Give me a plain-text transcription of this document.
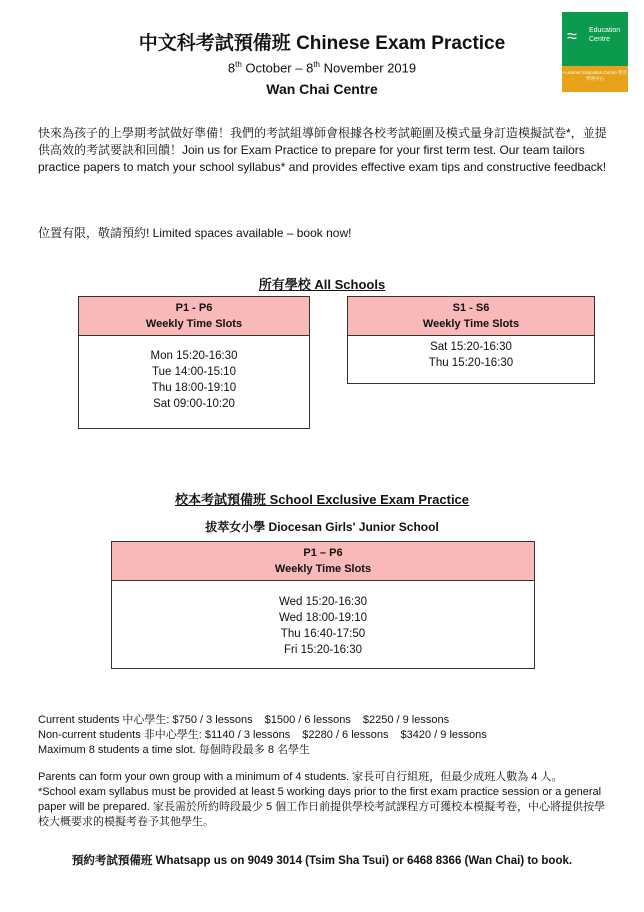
中文科考試預備班 Chinese Exam Practice
8th October – 8th November 2019
Wan Chai Centre
≈ Education
Centre
i-Learner Education Centre 智善學習中心
快來為孩子的上學期考試做好準備！我們的考試組導師會根據各校考試範圍及模式量身訂造模擬試卷*，並提供高效的考試要訣和回饋！Join us for Exam Practice to prepare for your first term test. Our team tailors practice papers to match your school syllabus* and provides effective exam tips and constructive feedback!
位置有限，敬請預約! Limited spaces available – book now!
所有學校 All Schools
P1 - P6
Weekly Time Slots
Mon 15:20-16:30
Tue 14:00-15:10
Thu 18:00-19:10
Sat 09:00-10:20
S1 - S6
Weekly Time Slots
Sat 15:20-16:30
Thu 15:20-16:30
校本考試預備班 School Exclusive Exam Practice
拔萃女小學 Diocesan Girls' Junior School
P1 – P6
Weekly Time Slots
Wed 15:20-16:30
Wed 18:00-19:10
Thu 16:40-17:50
Fri 15:20-16:30
Current students 中心學生: $750 / 3 lessons $1500 / 6 lessons $2250 / 9 lessons
Non-current students 非中心學生: $1140 / 3 lessons $2280 / 6 lessons $3420 / 9 lessons
Maximum 8 students a time slot. 每個時段最多 8 名學生
Parents can form your own group with a minimum of 4 students. 家長可自行組班，但最少成班人數為 4 人。
*School exam syllabus must be provided at least 5 working days prior to the first exam practice session or a general paper will be prepared. 家長需於所約時段最少 5 個工作日前提供學校考試課程方可獲校本模擬考卷，中心將提供按學校大概要求的模擬考卷予其他學生。
預約考試預備班 Whatsapp us on 9049 3014 (Tsim Sha Tsui) or 6468 8366 (Wan Chai) to book.
